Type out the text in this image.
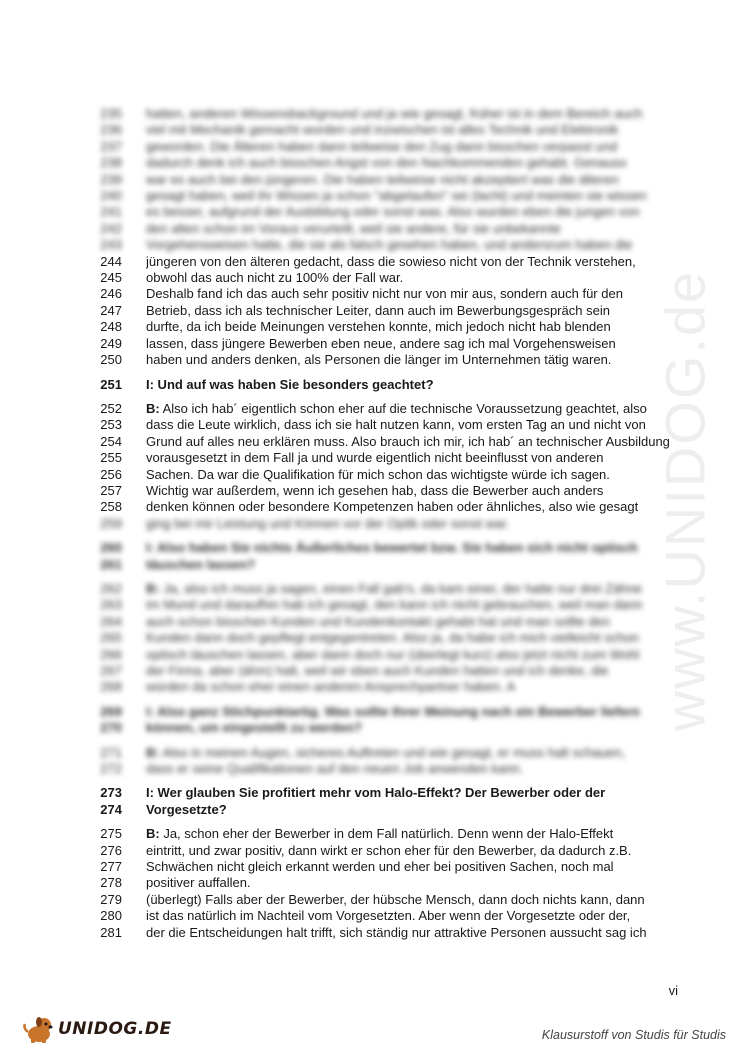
www.UNIDOG.de
235 hatten, anderen Wissensbackground und ja wie gesagt, früher ist in dem Bereich auch
236 viel mit Mechanik gemacht worden und inzwischen ist alles Technik und Elektronik
237 geworden. Die Älteren haben dann teilweise den Zug dann bisschen verpasst und
238 dadurch denk ich auch bisschen Angst von den Nachkommenden gehabt. Genauso
239 war es auch bei den jüngeren. Die haben teilweise nicht akzeptiert was die älteren
240 gesagt haben, weil ihr Wissen ja schon "abgelaufen" sei (lacht) und meinten sie wissen
241 es besser, aufgrund der Ausbildung oder sonst was. Also wurden eben die jungen von
242 den alten schon im Voraus verurteilt, weil sie andere, für sie unbekannte
243 Vorgehensweisen hatte, die sie als falsch gesehen haben, und andersrum haben die
244 jüngeren von den älteren gedacht, dass die sowieso nicht von der Technik verstehen,
245 obwohl das auch nicht zu 100% der Fall war.
246 Deshalb fand ich das auch sehr positiv nicht nur von mir aus, sondern auch für den
247 Betrieb, dass ich als technischer Leiter, dann auch im Bewerbungsgespräch sein
248 durfte, da ich beide Meinungen verstehen konnte, mich jedoch nicht hab blenden
249 lassen, dass jüngere Bewerben eben neue, andere sag ich mal Vorgehensweisen
250 haben und anders denken, als Personen die länger im Unternehmen tätig waren.
251 I: Und auf was haben Sie besonders geachtet?
252 B: Also ich hab´ eigentlich schon eher auf die technische Voraussetzung geachtet, also
253 dass die Leute wirklich, dass ich sie halt nutzen kann, vom ersten Tag an und nicht von
254 Grund auf alles neu erklären muss. Also brauch ich mir, ich hab´ an technischer Ausbildung
255 vorausgesetzt in dem Fall ja und wurde eigentlich nicht beeinflusst von anderen
256 Sachen. Da war die Qualifikation für mich schon das wichtigste würde ich sagen.
257 Wichtig war außerdem, wenn ich gesehen hab, dass die Bewerber auch anders
258 denken können oder besondere Kompetenzen haben oder ähnliches, also wie gesagt
259 ging bei mir Leistung und Können vor der Optik oder sonst war.
260 I: Also haben Sie nichts Äußerliches bewertet bzw. Sie haben sich nicht optisch
261 täuschen lassen?
262 B: Ja, also ich muss ja sagen, einen Fall gab's, da kam einer, der hatte nur drei Zähne
263 im Mund und daraufhin hab ich gesagt, den kann ich nicht gebrauchen, weil man dann
264 auch schon bisschen Kunden und Kundenkontakt gehabt hat und man sollte den
265 Kunden dann doch gepflegt entgegentreten. Also ja, da habe ich mich vielleicht schon
266 optisch täuschen lassen, aber dann doch nur (überlegt kurz) also jetzt nicht zum Wohl
267 der Firma, aber (ähm) halt, weil wir eben auch Kunden hatten und ich denke, die
268 würden da schon eher einen anderen Ansprechpartner haben. A
269 I: Also ganz Stichpunktartig. Was sollte Ihrer Meinung nach ein Bewerber liefern
270 können, um eingestellt zu werden?
271 B: Also in meinen Augen, sicheres Auftreten und wie gesagt, er muss halt schauen,
272 dass er seine Qualifikationen auf den neuen Job anwenden kann.
273 I: Wer glauben Sie profitiert mehr vom Halo-Effekt? Der Bewerber oder der
274 Vorgesetzte?
275 B: Ja, schon eher der Bewerber in dem Fall natürlich. Denn wenn der Halo-Effekt
276 eintritt, und zwar positiv, dann wirkt er schon eher für den Bewerber, da dadurch z.B.
277 Schwächen nicht gleich erkannt werden und eher bei positiven Sachen, noch mal
278 positiver auffallen.
279 (überlegt) Falls aber der Bewerber, der hübsche Mensch, dann doch nichts kann, dann
280 ist das natürlich im Nachteil vom Vorgesetzten. Aber wenn der Vorgesetzte oder der,
281 der die Entscheidungen halt trifft, sich ständig nur attraktive Personen aussucht sag ich
vi
UNIDOG.DE	Klausurstoff von Studis für Studis
